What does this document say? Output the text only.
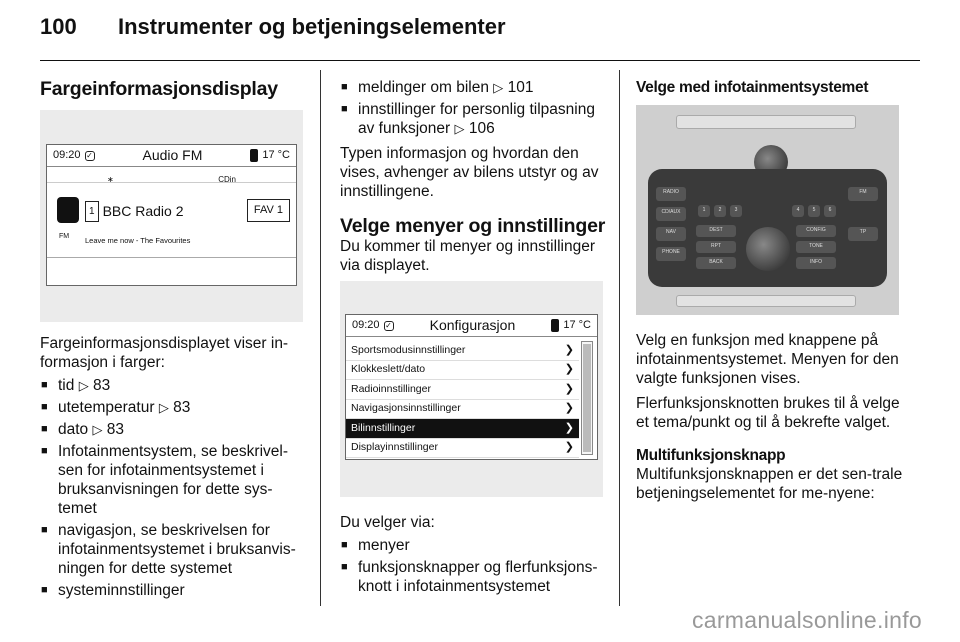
100 Instrumenter og betjeningselementer
Fargeinformasjonsdisplay
09:20 ✓	Audio FM	17 °C
∗	CDin
FM
1 BBC Radio 2	FAV 1
Leave me now - The Favourites

Fargeinformasjonsdisplayet viser in-formasjon i farger:

■ tid ▷ 83
■ utetemperatur ▷ 83
■ dato ▷ 83
■ Infotainmentsystem, se beskrivel-sen for infotainmentsystemet i bruksanvisningen for dette sys-temet
■ navigasjon, se beskrivelsen for infotainmentsystemet i bruksanvis-ningen for dette systemet
■ systeminnstillinger
■ meldinger om bilen ▷ 101
■ innstillinger for personlig tilpasning av funksjoner ▷ 106

Typen informasjon og hvordan den vises, avhenger av bilens utstyr og av innstillingene.

Velge menyer og innstillinger

Du kommer til menyer og innstillinger via displayet.

09:20 ✓	Konfigurasjon	17 °C
Sportsmodusinnstillinger	❯
Klokkeslett/dato	❯
Radioinnstillinger	❯
Navigasjonsinnstillinger	❯
Bilinnstillinger	❯
Displayinnstillinger	❯

Du velger via:

■ menyer
■ funksjonsknapper og flerfunksjons-knott i infotainmentsystemet
Velge med infotainmentsystemet
RADIO
CD/AUX
NAV
PHONE
FM
TP
1	2	3	4	5	6
DEST
RPT
BACK
CONFIG
TONE
INFO

Velg en funksjon med knappene på infotainmentsystemet. Menyen for den valgte funksjonen vises.

Flerfunksjonsknotten brukes til å velge et tema/punkt og til å bekrefte valget.

Multifunksjonsknapp

Multifunksjonsknappen er det sen-trale betjeningselementet for me-nyene:

carmanualsonline.info
